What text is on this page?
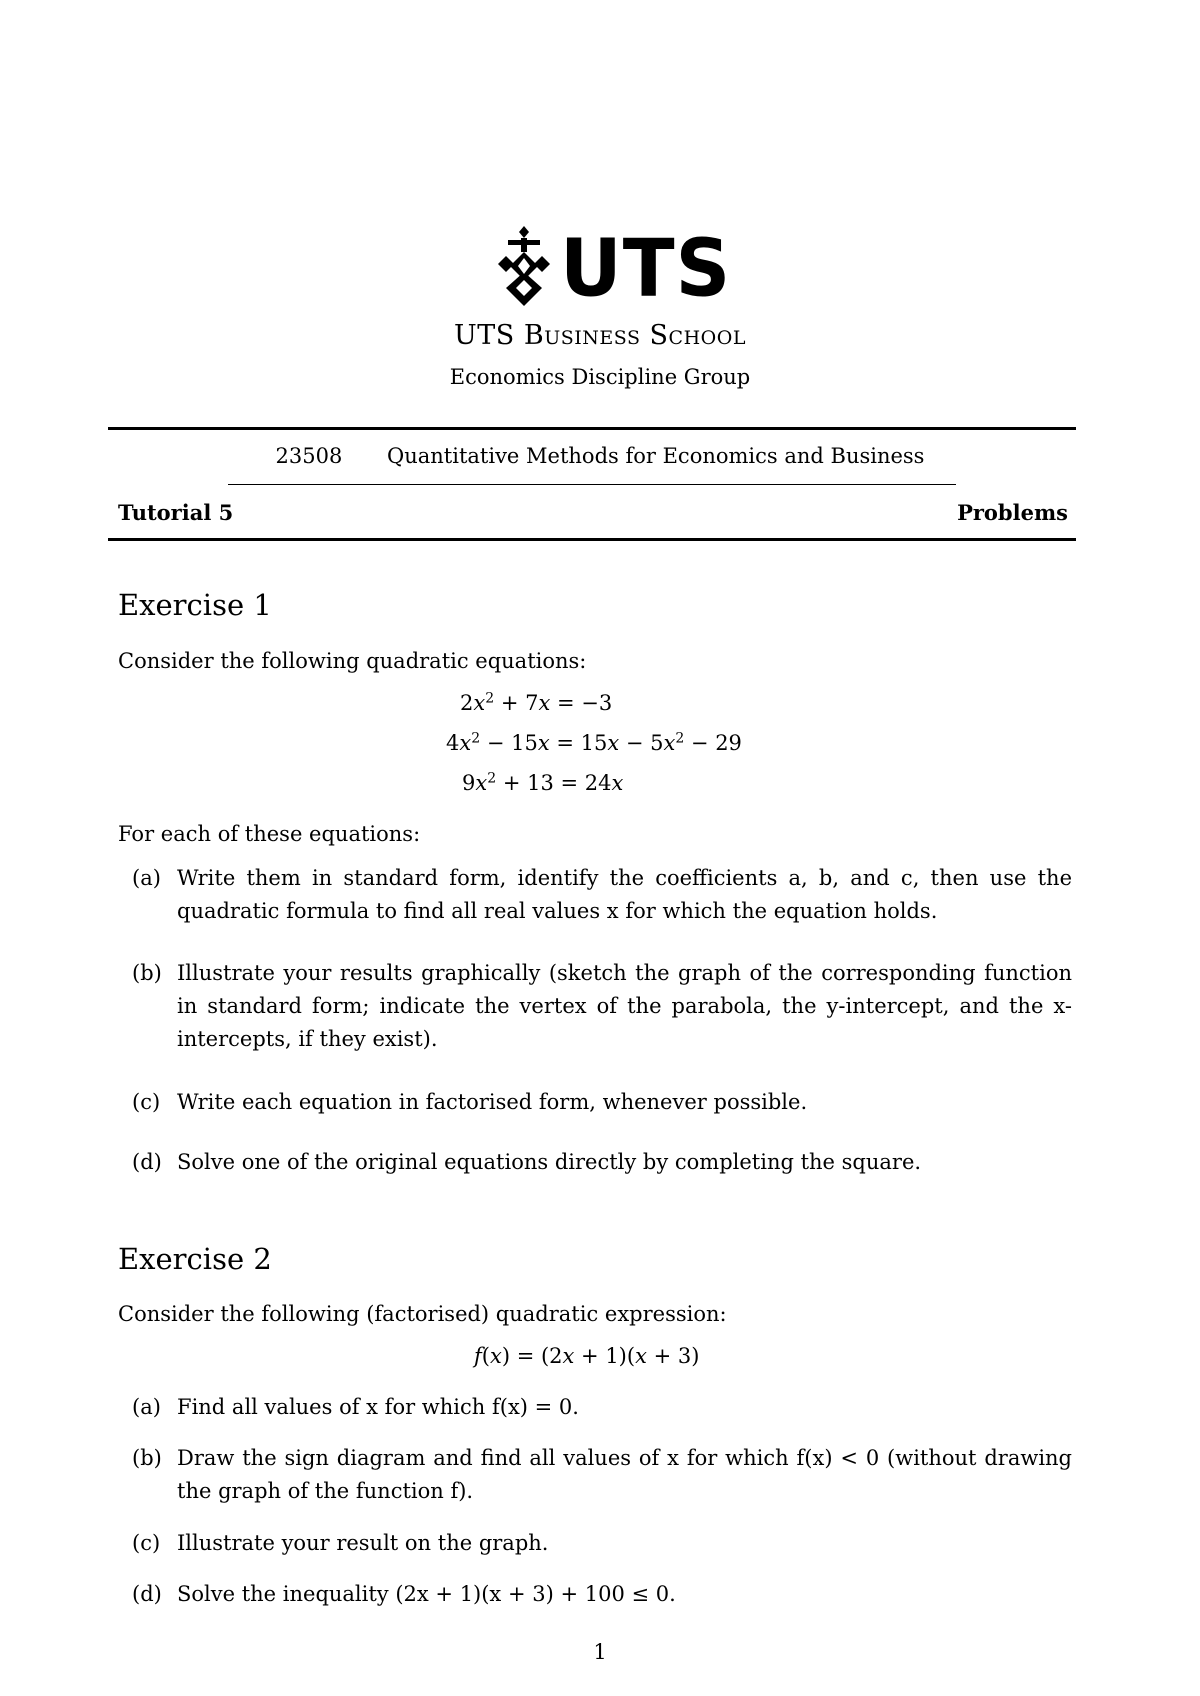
UTS
UTS Business School
Economics Discipline Group
23508 Quantitative Methods for Economics and Business
Tutorial 5	Problems
Exercise 1
Consider the following quadratic equations:
$2x^2 + 7x = -3$
$4x^2 - 15x = 15x - 5x^2 - 29$
$9x^2 + 13 = 24x$
For each of these equations:
(a) Write them in standard form, identify the coefficients a, b, and c, then use the quadratic formula to find all real values x for which the equation holds.
(b) Illustrate your results graphically (sketch the graph of the corresponding function in standard form; indicate the vertex of the parabola, the y-intercept, and the x-intercepts, if they exist).
(c) Write each equation in factorised form, whenever possible.
(d) Solve one of the original equations directly by completing the square.
Exercise 2
Consider the following (factorised) quadratic expression:
f(x) = (2x + 1)(x + 3)
(a) Find all values of x for which f(x) = 0.
(b) Draw the sign diagram and find all values of x for which f(x) < 0 (without drawing the graph of the function f).
(c) Illustrate your result on the graph.
(d) Solve the inequality (2x + 1)(x + 3) + 100 ≤ 0.
1
